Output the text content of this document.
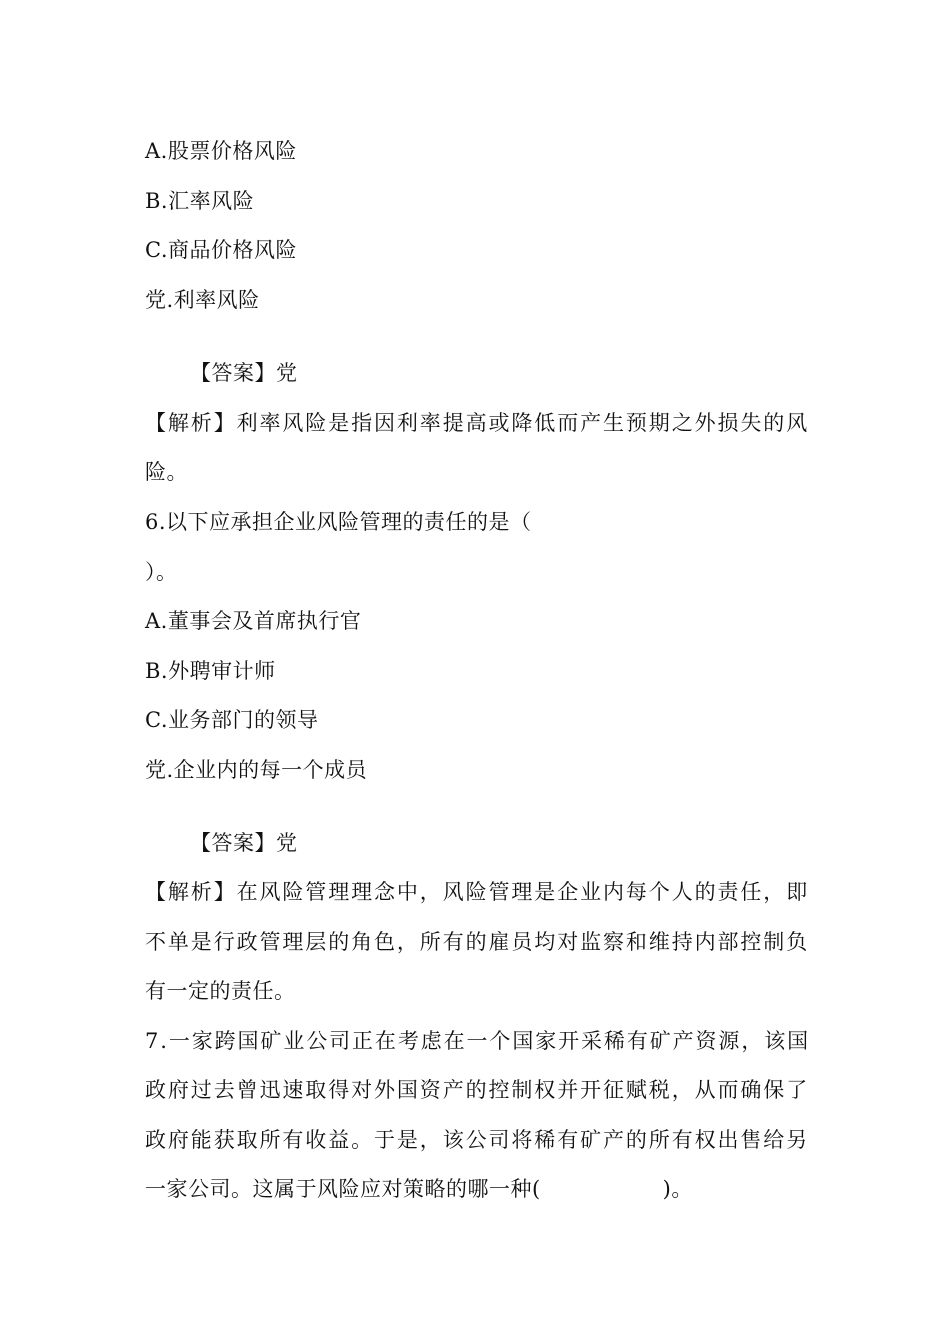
A.股票价格风险
B.汇率风险
C.商品价格风险
党.利率风险
【答案】党
【解析】利率风险是指因利率提高或降低而产生预期之外损失的风
险。
6.以下应承担企业风险管理的责任的是（
）。
A.董事会及首席执行官
B.外聘审计师
C.业务部门的领导
党.企业内的每一个成员
【答案】党
【解析】在风险管理理念中，风险管理是企业内每个人的责任，即
不单是行政管理层的角色，所有的雇员均对监察和维持内部控制负
有一定的责任。
7.一家跨国矿业公司正在考虑在一个国家开采稀有矿产资源，该国
政府过去曾迅速取得对外国资产的控制权并开征赋税，从而确保了
政府能获取所有收益。于是，该公司将稀有矿产的所有权出售给另
一家公司。这属于风险应对策略的哪一种(                 )。
